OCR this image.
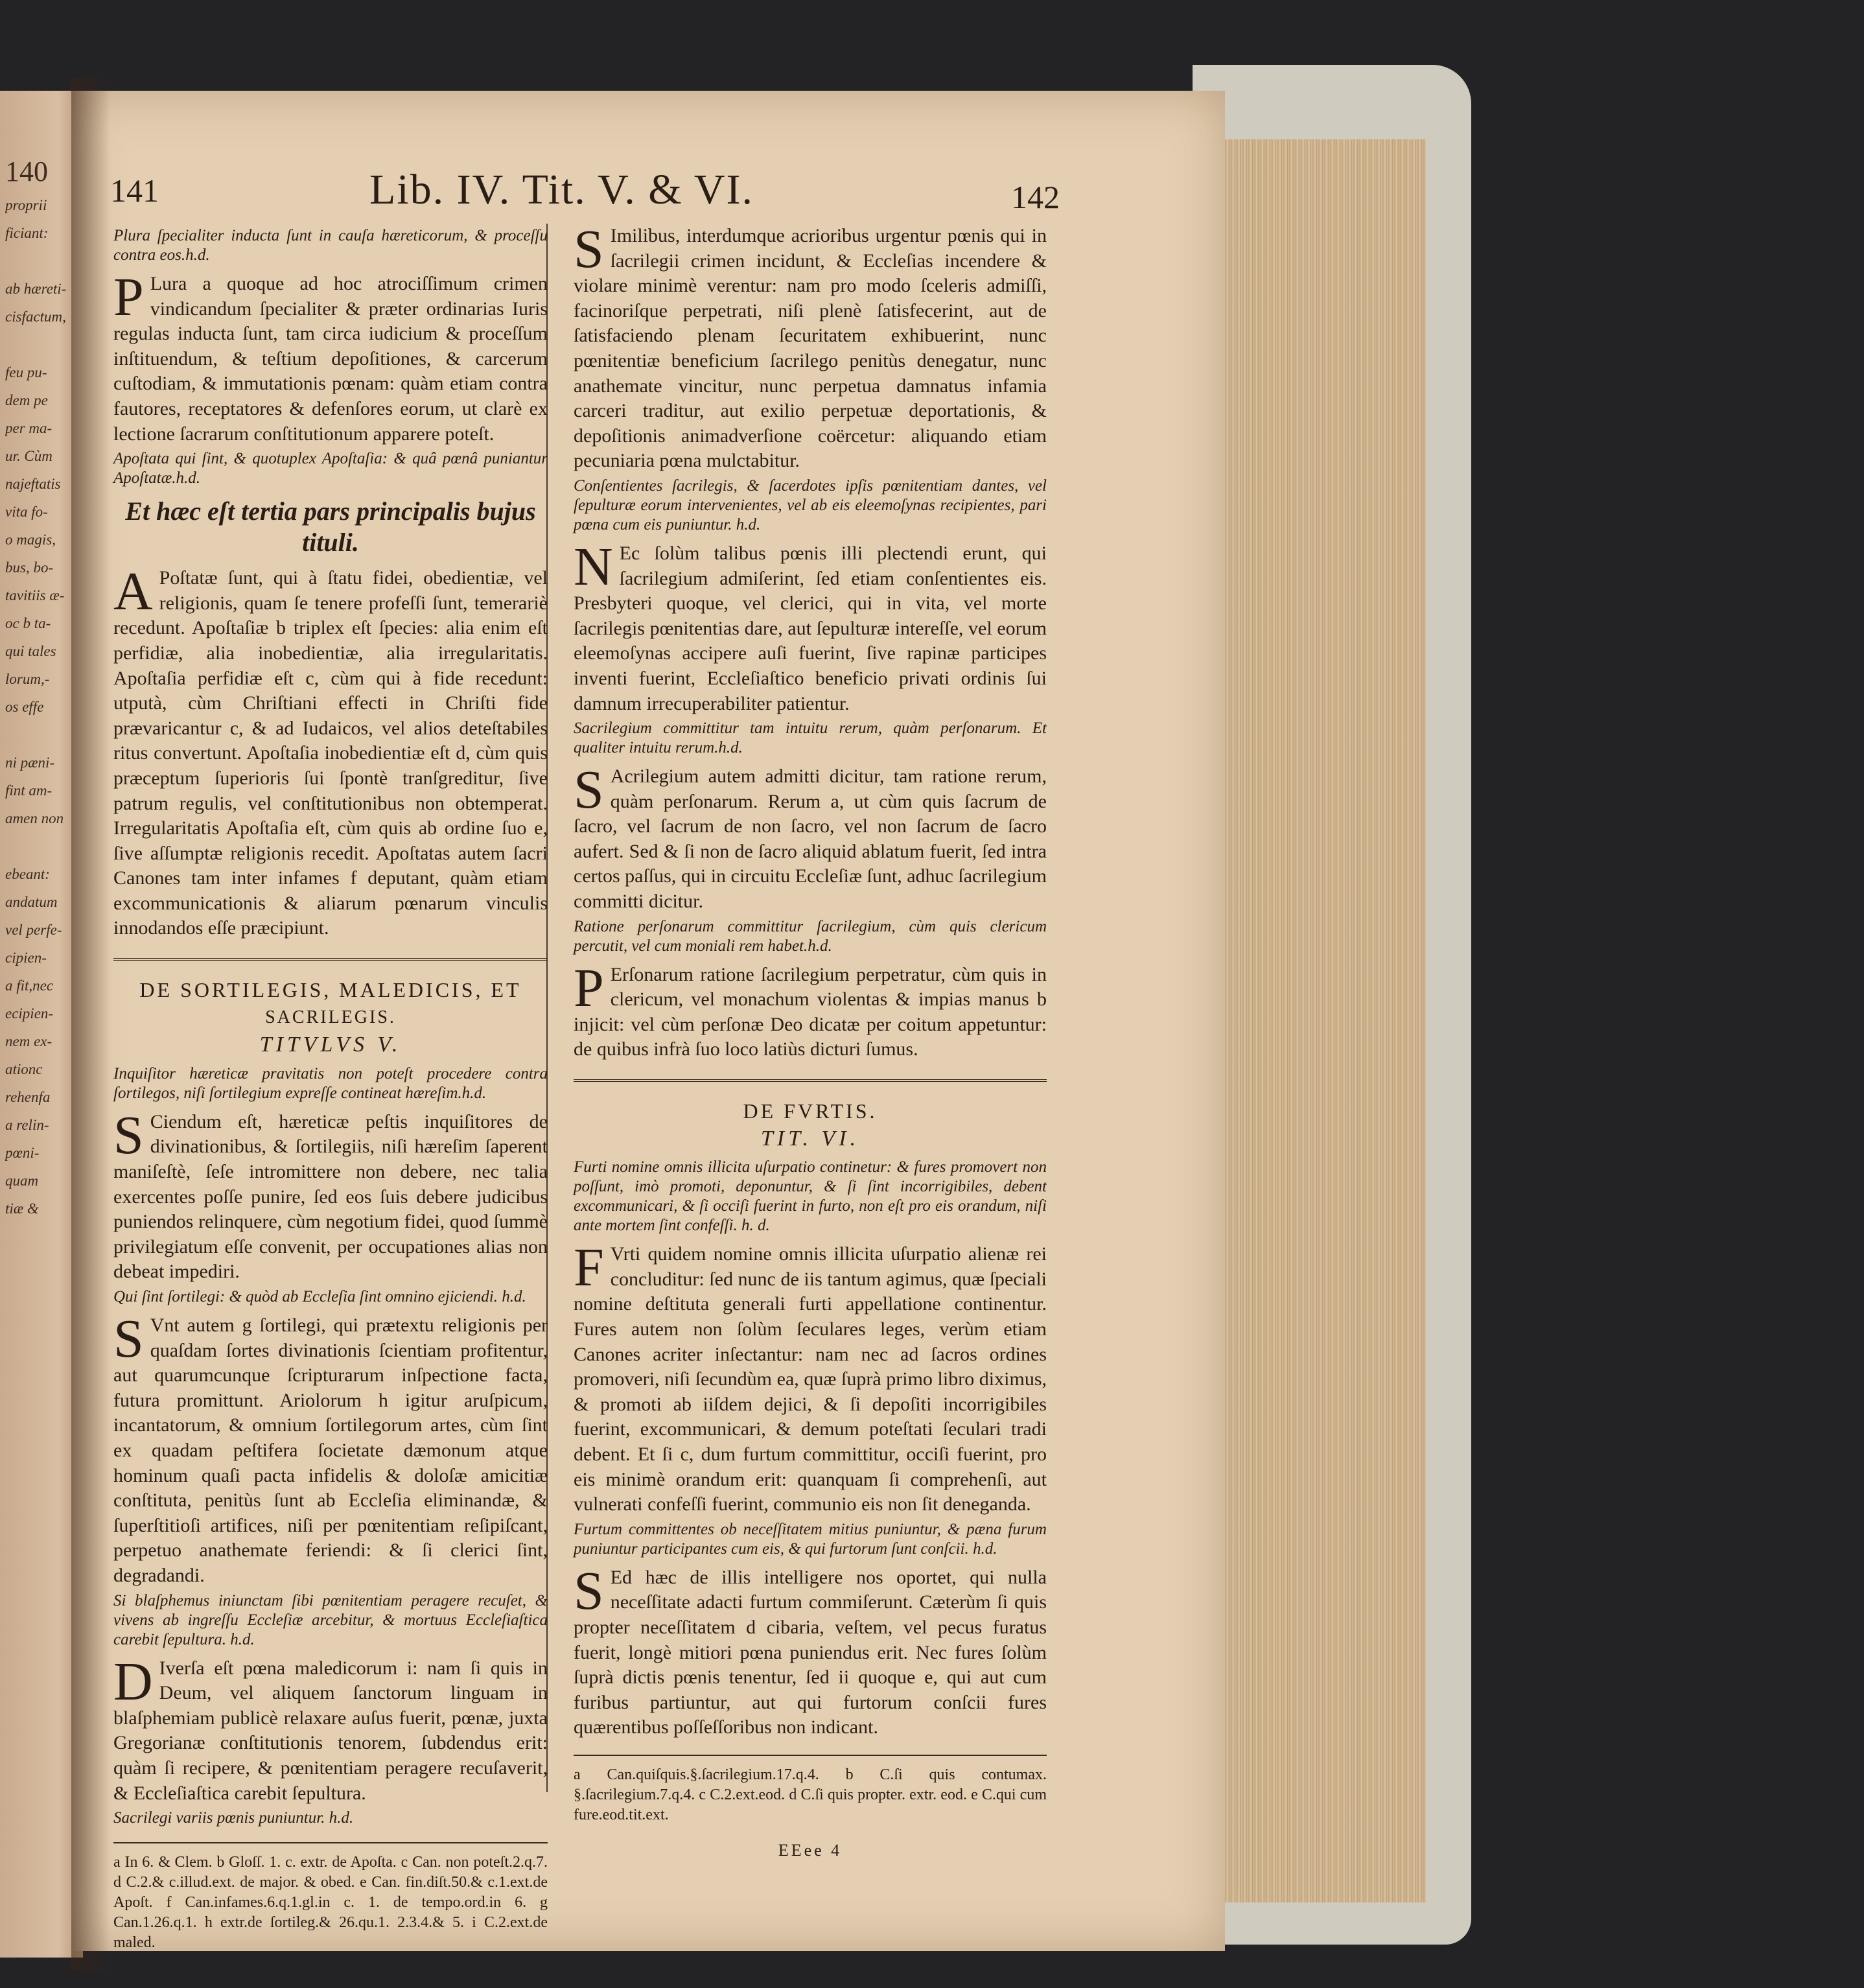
140
proprii
ficiant:

ab hæreti-
cisfactum,

feu pu-
dem pe
per ma-
ur. Cùm
najeftatis
vita fo-
o magis,
bus, bo-
tavitiis æ-
oc b ta-
qui tales
lorum,-
os effe

ni pæni-
fint am-
amen non

ebeant:
andatum
vel perfe-
cipien-
a fit,nec
ecipien-
nem ex-
ationc
rehenfa
a relin-
pœni-
quam
tiæ &
141	Lib. IV. Tit. V. & VI.	142

Plura ſpecialiter inducta ſunt in cauſa hæreticorum, & proceſſu contra eos.h.d.

P Lura a quoque ad hoc atrociſſimum crimen vindicandum ſpecialiter & præter ordinarias Iuris regulas inducta ſunt, tam circa iudicium & proceſſum inſtituendum, & teſtium depoſitiones, & carcerum cuſtodiam, & immutationis pœnam: quàm etiam contra fautores, receptatores & defenſores eorum, ut clarè ex lectione ſacrarum conſtitutionum apparere poteſt.

Apoſtata qui ſint, & quotuplex Apoſtaſia: & quâ pœnâ puniantur Apoſtatæ.h.d.

Et hæc eſt tertia pars principalis bujus tituli.

A Poſtatæ ſunt, qui à ſtatu fidei, obedientiæ, vel religionis, quam ſe tenere profeſſi ſunt, temerariè recedunt. Apoſtaſiæ b triplex eſt ſpecies: alia enim eſt perfidiæ, alia inobedientiæ, alia irregularitatis. Apoſtaſia perfidiæ eſt c, cùm qui à fide recedunt: utputà, cùm Chriſtiani effecti in Chriſti fide prævaricantur c, & ad Iudaicos, vel alios deteſtabiles ritus convertunt. Apoſtaſia inobedientiæ eſt d, cùm quis præceptum ſuperioris ſui ſpontè tranſgreditur, ſive patrum regulis, vel conſtitutionibus non obtemperat. Irregularitatis Apoſtaſia eſt, cùm quis ab ordine ſuo e, ſive aſſumptæ religionis recedit. Apoſtatas autem ſacri Canones tam inter infames f deputant, quàm etiam excommunicationis & aliarum pœnarum vinculis innodandos eſſe præcipiunt.

❧ ❧

DE SORTILEGIS, MALEDICIS, ET

SACRILEGIS.

TITVLVS V.

Inquiſitor hæreticæ pravitatis non poteſt procedere contra ſortilegos, niſi ſortilegium expreſſe contineat hæreſim.h.d.

S Ciendum eſt, hæreticæ peſtis inquiſitores de divinationibus, & ſortilegiis, niſi hæreſim ſaperent maniſeſtè, ſeſe intromittere non debere, nec talia exercentes poſſe punire, ſed eos ſuis debere judicibus puniendos relinquere, cùm negotium fidei, quod ſummè privilegiatum eſſe convenit, per occupationes alias non debeat impediri.

Qui ſint ſortilegi: & quòd ab Eccleſia ſint omnino ejiciendi. h.d.

S Vnt autem g ſortilegi, qui prætextu religionis per quaſdam ſortes divinationis ſcientiam profitentur, aut quarumcunque ſcripturarum inſpectione facta, futura promittunt. Ariolorum h igitur aruſpicum, incantatorum, & omnium ſortilegorum artes, cùm ſint ex quadam peſtifera ſocietate dæmonum atque hominum quaſi pacta infidelis & doloſæ amicitiæ conſtituta, penitùs ſunt ab Eccleſia eliminandæ, & ſuperſtitioſi artifices, niſi per pœnitentiam reſipiſcant, perpetuo anathemate feriendi: & ſi clerici ſint, degradandi.

Si blaſphemus iniunctam ſibi pœnitentiam peragere recuſet, & vivens ab ingreſſu Eccleſiæ arcebitur, & mortuus Eccleſiaſtica carebit ſepultura. h.d.

D Iverſa eſt pœna maledicorum i: nam ſi quis in Deum, vel aliquem ſanctorum linguam in blaſphemiam publicè relaxare auſus fuerit, pœnæ, juxta Gregorianæ conſtitutionis tenorem, ſubdendus erit: quàm ſi recipere, & pœnitentiam peragere recuſaverit, & Eccleſiaſtica carebit ſepultura.

Sacrilegi variis pœnis puniuntur. h.d.

a In 6. & Clem. b Gloſſ. 1. c. extr. de Apoſta. c Can. non poteſt.2.q.7. d C.2.& c.illud.ext. de major. & obed. e Can. fin.diſt.50.& c.1.ext.de Apoſt. f Can.infames.6.q.1.gl.in c. 1. de tempo.ord.in 6. g Can.1.26.q.1. h extr.de ſortileg.& 26.qu.1. 2.3.4.& 5. i C.2.ext.de maled.

S Imilibus, interdumque acrioribus urgentur pœnis qui in ſacrilegii crimen incidunt, & Eccleſias incendere & violare minimè verentur: nam pro modo ſceleris admiſſi, facinoriſque perpetrati, niſi plenè ſatisfecerint, aut de ſatisfaciendo plenam ſecuritatem exhibuerint, nunc pœnitentiæ beneficium ſacrilego penitùs denegatur, nunc anathemate vincitur, nunc perpetua damnatus infamia carceri traditur, aut exilio perpetuæ deportationis, & depoſitionis animadverſione coërcetur: aliquando etiam pecuniaria pœna mulctabitur.

Conſentientes ſacrilegis, & ſacerdotes ipſis pœnitentiam dantes, vel ſepulturæ eorum intervenientes, vel ab eis eleemoſynas recipientes, pari pœna cum eis puniuntur. h.d.

N Ec ſolùm talibus pœnis illi plectendi erunt, qui ſacrilegium admiſerint, ſed etiam conſentientes eis. Presbyteri quoque, vel clerici, qui in vita, vel morte ſacrilegis pœnitentias dare, aut ſepulturæ intereſſe, vel eorum eleemoſynas accipere auſi fuerint, ſive rapinæ participes inventi fuerint, Eccleſiaſtico beneficio privati ordinis ſui damnum irrecuperabiliter patientur.

Sacrilegium committitur tam intuitu rerum, quàm perſonarum. Et qualiter intuitu rerum.h.d.

S Acrilegium autem admitti dicitur, tam ratione rerum, quàm perſonarum. Rerum a, ut cùm quis ſacrum de ſacro, vel ſacrum de non ſacro, vel non ſacrum de ſacro aufert. Sed & ſi non de ſacro aliquid ablatum fuerit, ſed intra certos paſſus, qui in circuitu Eccleſiæ ſunt, adhuc ſacrilegium committi dicitur.

Ratione perſonarum committitur ſacrilegium, cùm quis clericum percutit, vel cum moniali rem habet.h.d.

P Erſonarum ratione ſacrilegium perpetratur, cùm quis in clericum, vel monachum violentas & impias manus b injicit: vel cùm perſonæ Deo dicatæ per coitum appetuntur: de quibus infrà ſuo loco latiùs dicturi ſumus.

❧ ❧

DE FVRTIS.

TIT. VI.

Furti nomine omnis illicita uſurpatio continetur: & fures promovert non poſſunt, imò promoti, deponuntur, & ſi ſint incorrigibiles, debent excommunicari, & ſi occiſi fuerint in furto, non eſt pro eis orandum, niſi ante mortem ſint confeſſi. h. d.

F Vrti quidem nomine omnis illicita uſurpatio alienæ rei concluditur: ſed nunc de iis tantum agimus, quæ ſpeciali nomine deſtituta generali furti appellatione continentur. Fures autem non ſolùm ſeculares leges, verùm etiam Canones acriter inſectantur: nam nec ad ſacros ordines promoveri, niſi ſecundùm ea, quæ ſuprà primo libro diximus, & promoti ab iiſdem dejici, & ſi depoſiti incorrigibiles fuerint, excommunicari, & demum poteſtati ſeculari tradi debent. Et ſi c, dum furtum committitur, occiſi fuerint, pro eis minimè orandum erit: quanquam ſi comprehenſi, aut vulnerati confeſſi fuerint, communio eis non ſit deneganda.

Furtum committentes ob neceſſitatem mitius puniuntur, & pæna furum puniuntur participantes cum eis, & qui furtorum ſunt conſcii. h.d.

S Ed hæc de illis intelligere nos oportet, qui nulla neceſſitate adacti furtum commiſerunt. Cæterùm ſi quis propter neceſſitatem d cibaria, veſtem, vel pecus furatus fuerit, longè mitiori pœna puniendus erit. Nec fures ſolùm ſuprà dictis pœnis tenentur, ſed ii quoque e, qui aut cum furibus partiuntur, aut qui furtorum conſcii fures quærentibus poſſeſſoribus non indicant.

a Can.quiſquis.§.ſacrilegium.17.q.4. b C.ſi quis contumax. §.ſacrilegium.7.q.4. c C.2.ext.eod. d C.ſi quis propter. extr. eod. e C.qui cum fure.eod.tit.ext.

EEee 4
